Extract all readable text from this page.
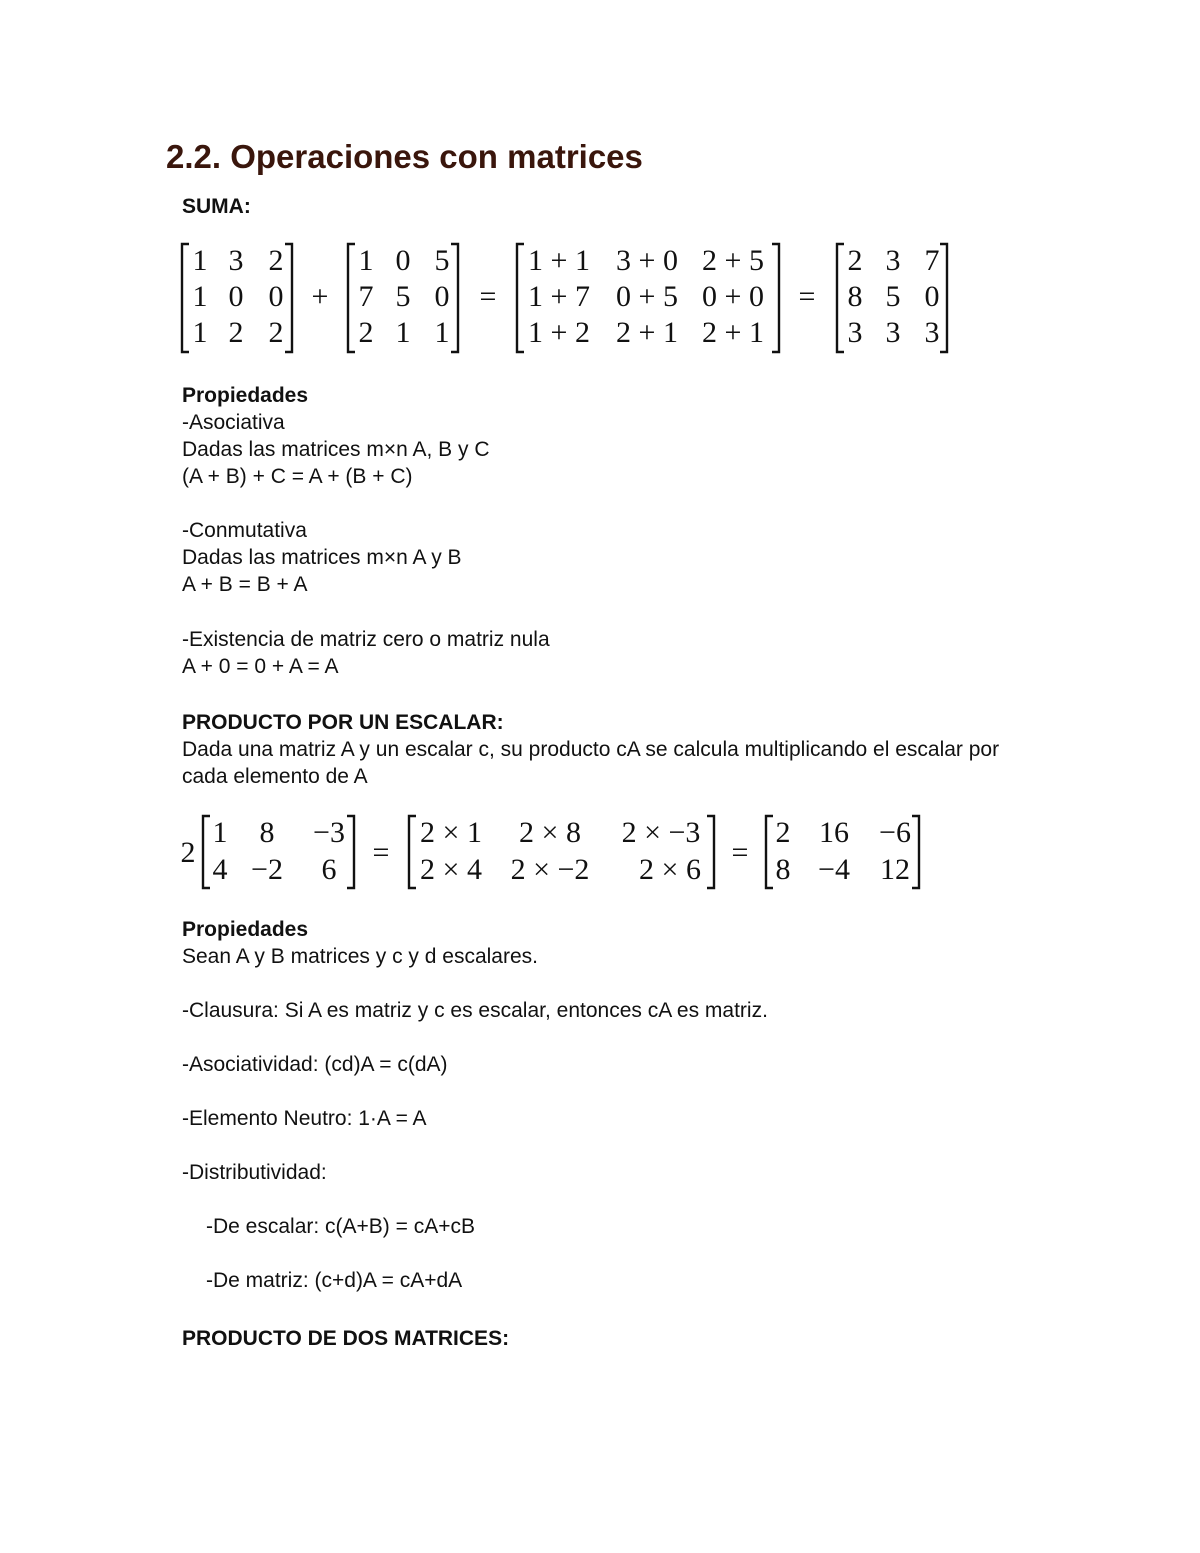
2.2. Operaciones con matrices
SUMA:
1 3 2
1 0 0
1 2 2
+
1 0 5
7 5 0
2 1 1
=
1 + 1 3 + 0 2 + 5
1 + 7 0 + 5 0 + 0
1 + 2 2 + 1 2 + 1
=
2 3 7
8 5 0
3 3 3
Propiedades
-Asociativa
Dadas las matrices m×n A, B y C
(A + B) + C = A + (B + C)
-Conmutativa
Dadas las matrices m×n A y B
A + B = B + A
-Existencia de matriz cero o matriz nula
A + 0 = 0 + A = A
PRODUCTO POR UN ESCALAR:
Dada una matriz A y un escalar c, su producto cA se calcula multiplicando el escalar por cada elemento de A
2
1 8 −3
4 −2 6
=
2 × 1 2 × 8 2 × −3
2 × 4 2 × −2 2 × 6
=
2 16 −6
8 −4 12
Propiedades
Sean A y B matrices y c y d escalares.
-Clausura: Si A es matriz y c es escalar, entonces cA es matriz.
-Asociatividad: (cd)A = c(dA)
-Elemento Neutro: 1·A = A
-Distributividad:
-De escalar: c(A+B) = cA+cB
-De matriz: (c+d)A = cA+dA
PRODUCTO DE DOS MATRICES:
